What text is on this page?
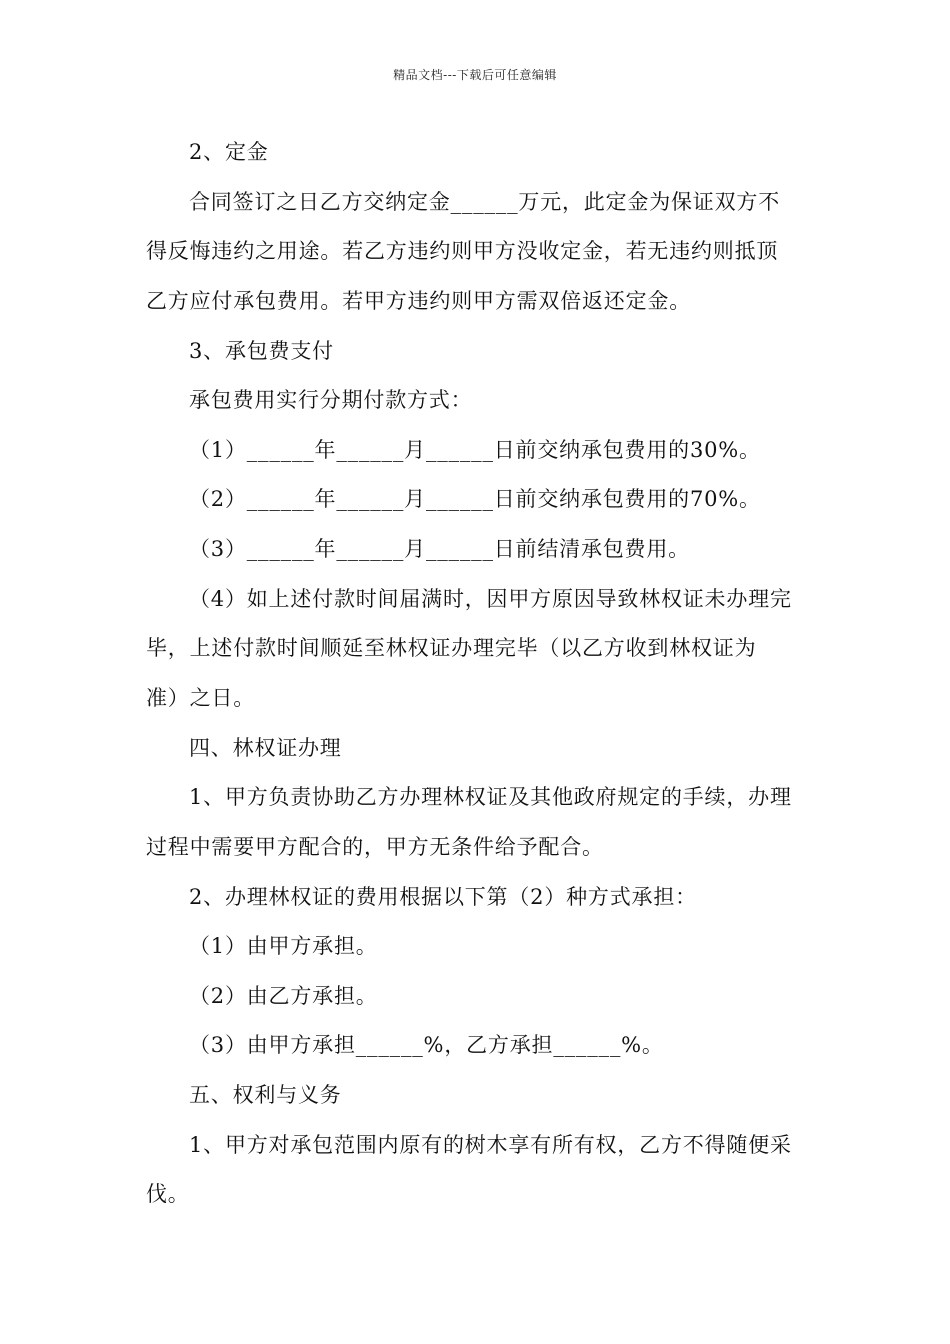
精品文档---下载后可任意编辑
2、定金
合同签订之日乙方交纳定金______万元，此定金为保证双方不
得反悔违约之用途。若乙方违约则甲方没收定金，若无违约则抵顶
乙方应付承包费用。若甲方违约则甲方需双倍返还定金。
3、承包费支付
承包费用实行分期付款方式：
（1）______年______月______日前交纳承包费用的30%。
（2）______年______月______日前交纳承包费用的70%。
（3）______年______月______日前结清承包费用。
（4）如上述付款时间届满时，因甲方原因导致林权证未办理完
毕，上述付款时间顺延至林权证办理完毕（以乙方收到林权证为
准）之日。
四、林权证办理
1、甲方负责协助乙方办理林权证及其他政府规定的手续，办理
过程中需要甲方配合的，甲方无条件给予配合。
2、办理林权证的费用根据以下第（2）种方式承担：
（1）由甲方承担。
（2）由乙方承担。
（3）由甲方承担______%，乙方承担______%。
五、权利与义务
1、甲方对承包范围内原有的树木享有所有权，乙方不得随便采
伐。
